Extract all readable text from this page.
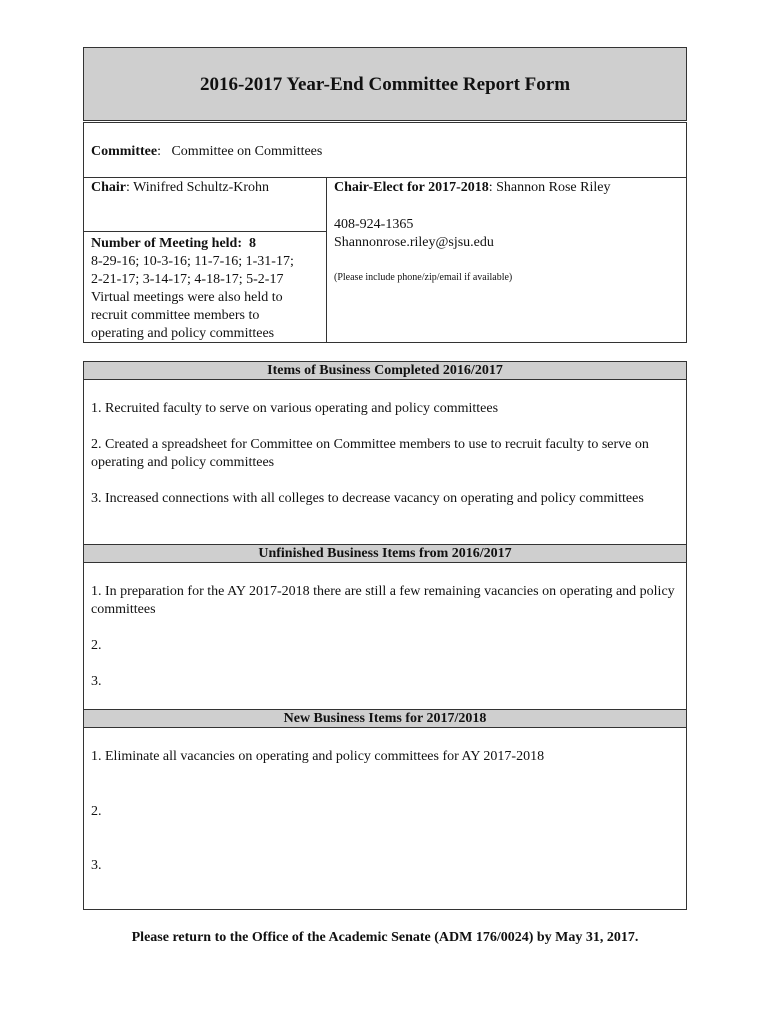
2016-2017 Year-End Committee Report Form
Committee:   Committee on Committees
Chair: Winifred Schultz-Krohn	Chair-Elect for 2017-2018: Shannon Rose Riley
408-924-1365
Shannonrose.riley@sjsu.edu
(Please include phone/zip/email if available)
Number of Meeting held: 8
8-29-16; 10-3-16; 11-7-16; 1-31-17;
2-21-17; 3-14-17; 4-18-17; 5-2-17
Virtual meetings were also held to
recruit committee members to
operating and policy committees
Items of Business Completed 2016/2017
1. Recruited faculty to serve on various operating and policy committees
2. Created a spreadsheet for Committee on Committee members to use to recruit faculty to serve on operating and policy committees
3. Increased connections with all colleges to decrease vacancy on operating and policy committees
Unfinished Business Items from 2016/2017
1. In preparation for the AY 2017-2018 there are still a few remaining vacancies on operating and policy committees
2.
3.
New Business Items for 2017/2018
1. Eliminate all vacancies on operating and policy committees for AY 2017-2018
2.
3.
Please return to the Office of the Academic Senate (ADM 176/0024) by May 31, 2017.
